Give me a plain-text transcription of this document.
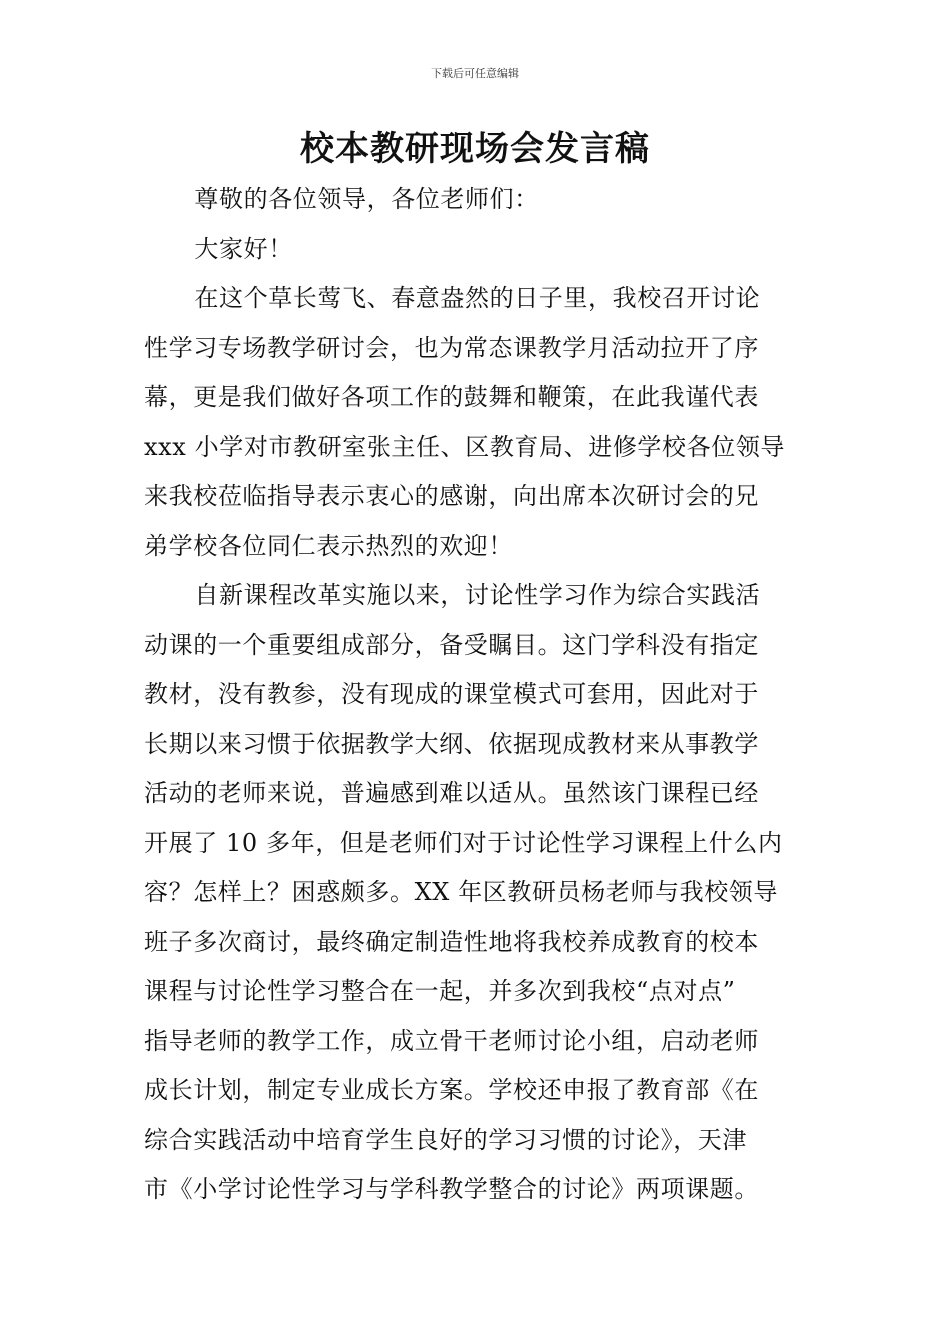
下载后可任意编辑
校本教研现场会发言稿

尊敬的各位领导，各位老师们：

大家好！

在这个草长莺飞、春意盎然的日子里，我校召开讨论
性学习专场教学研讨会，也为常态课教学月活动拉开了序
幕，更是我们做好各项工作的鼓舞和鞭策，在此我谨代表
xxx 小学对市教研室张主任、区教育局、进修学校各位领导
来我校莅临指导表示衷心的感谢，向出席本次研讨会的兄
弟学校各位同仁表示热烈的欢迎！

自新课程改革实施以来，讨论性学习作为综合实践活
动课的一个重要组成部分，备受瞩目。这门学科没有指定
教材，没有教参，没有现成的课堂模式可套用，因此对于
长期以来习惯于依据教学大纲、依据现成教材来从事教学
活动的老师来说，普遍感到难以适从。虽然该门课程已经
开展了 10 多年，但是老师们对于讨论性学习课程上什么内
容？怎样上？困惑颇多。XX 年区教研员杨老师与我校领导
班子多次商讨，最终确定制造性地将我校养成教育的校本
课程与讨论性学习整合在一起，并多次到我校“点对点”
指导老师的教学工作，成立骨干老师讨论小组，启动老师
成长计划，制定专业成长方案。学校还申报了教育部《在
综合实践活动中培育学生良好的学习习惯的讨论》，天津
市《小学讨论性学习与学科教学整合的讨论》两项课题。
